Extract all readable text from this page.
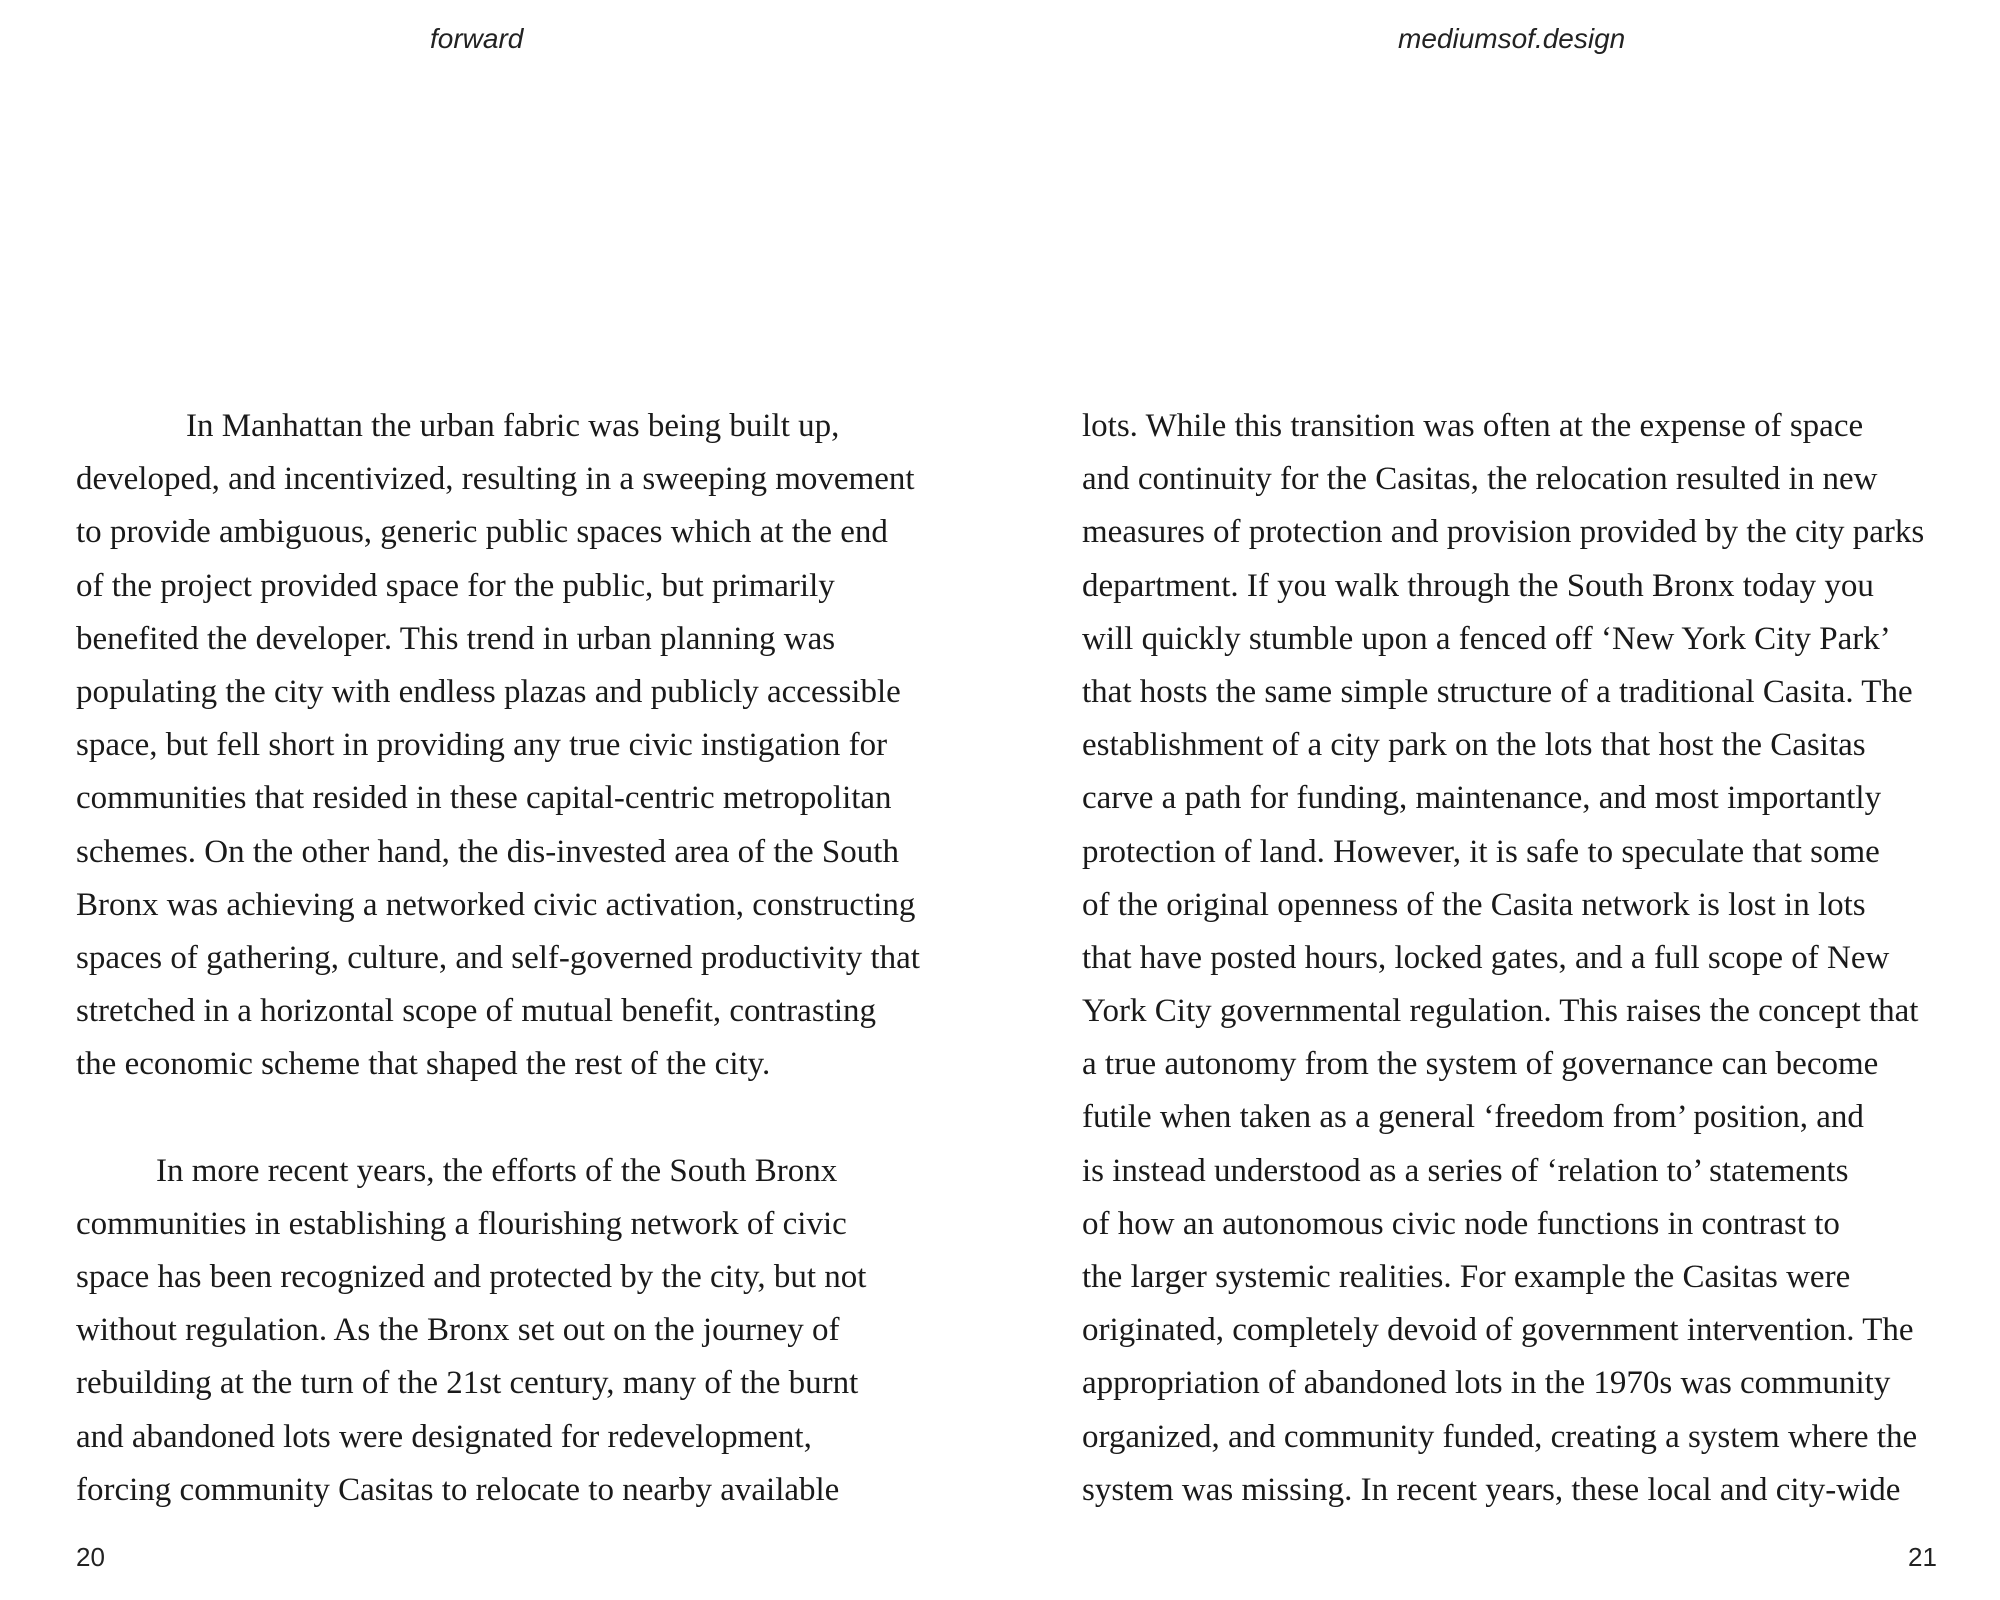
forward
In Manhattan the urban fabric was being built up,
developed, and incentivized, resulting in a sweeping movement
to provide ambiguous, generic public spaces which at the end
of the project provided space for the public, but primarily
benefited the developer. This trend in urban planning was
populating the city with endless plazas and publicly accessible
space, but fell short in providing any true civic instigation for
communities that resided in these capital-centric metropolitan
schemes. On the other hand, the dis-invested area of the South
Bronx was achieving a networked civic activation, constructing
spaces of gathering, culture, and self-governed productivity that
stretched in a horizontal scope of mutual benefit, contrasting
the economic scheme that shaped the rest of the city.
In more recent years, the efforts of the South Bronx
communities in establishing a flourishing network of civic
space has been recognized and protected by the city, but not
without regulation. As the Bronx set out on the journey of
rebuilding at the turn of the 21st century, many of the burnt
and abandoned lots were designated for redevelopment,
forcing community Casitas to relocate to nearby available
20
mediumsof.design
lots. While this transition was often at the expense of space
and continuity for the Casitas, the relocation resulted in new
measures of protection and provision provided by the city parks
department. If you walk through the South Bronx today you
will quickly stumble upon a fenced off ‘New York City Park’
that hosts the same simple structure of a traditional Casita. The
establishment of a city park on the lots that host the Casitas
carve a path for funding, maintenance, and most importantly
protection of land. However, it is safe to speculate that some
of the original openness of the Casita network is lost in lots
that have posted hours, locked gates, and a full scope of New
York City governmental regulation. This raises the concept that
a true autonomy from the system of governance can become
futile when taken as a general ‘freedom from’ position, and
is instead understood as a series of ‘relation to’ statements
of how an autonomous civic node functions in contrast to
the larger systemic realities. For example the Casitas were
originated, completely devoid of government intervention. The
appropriation of abandoned lots in the 1970s was community
organized, and community funded, creating a system where the
system was missing. In recent years, these local and city-wide
21
